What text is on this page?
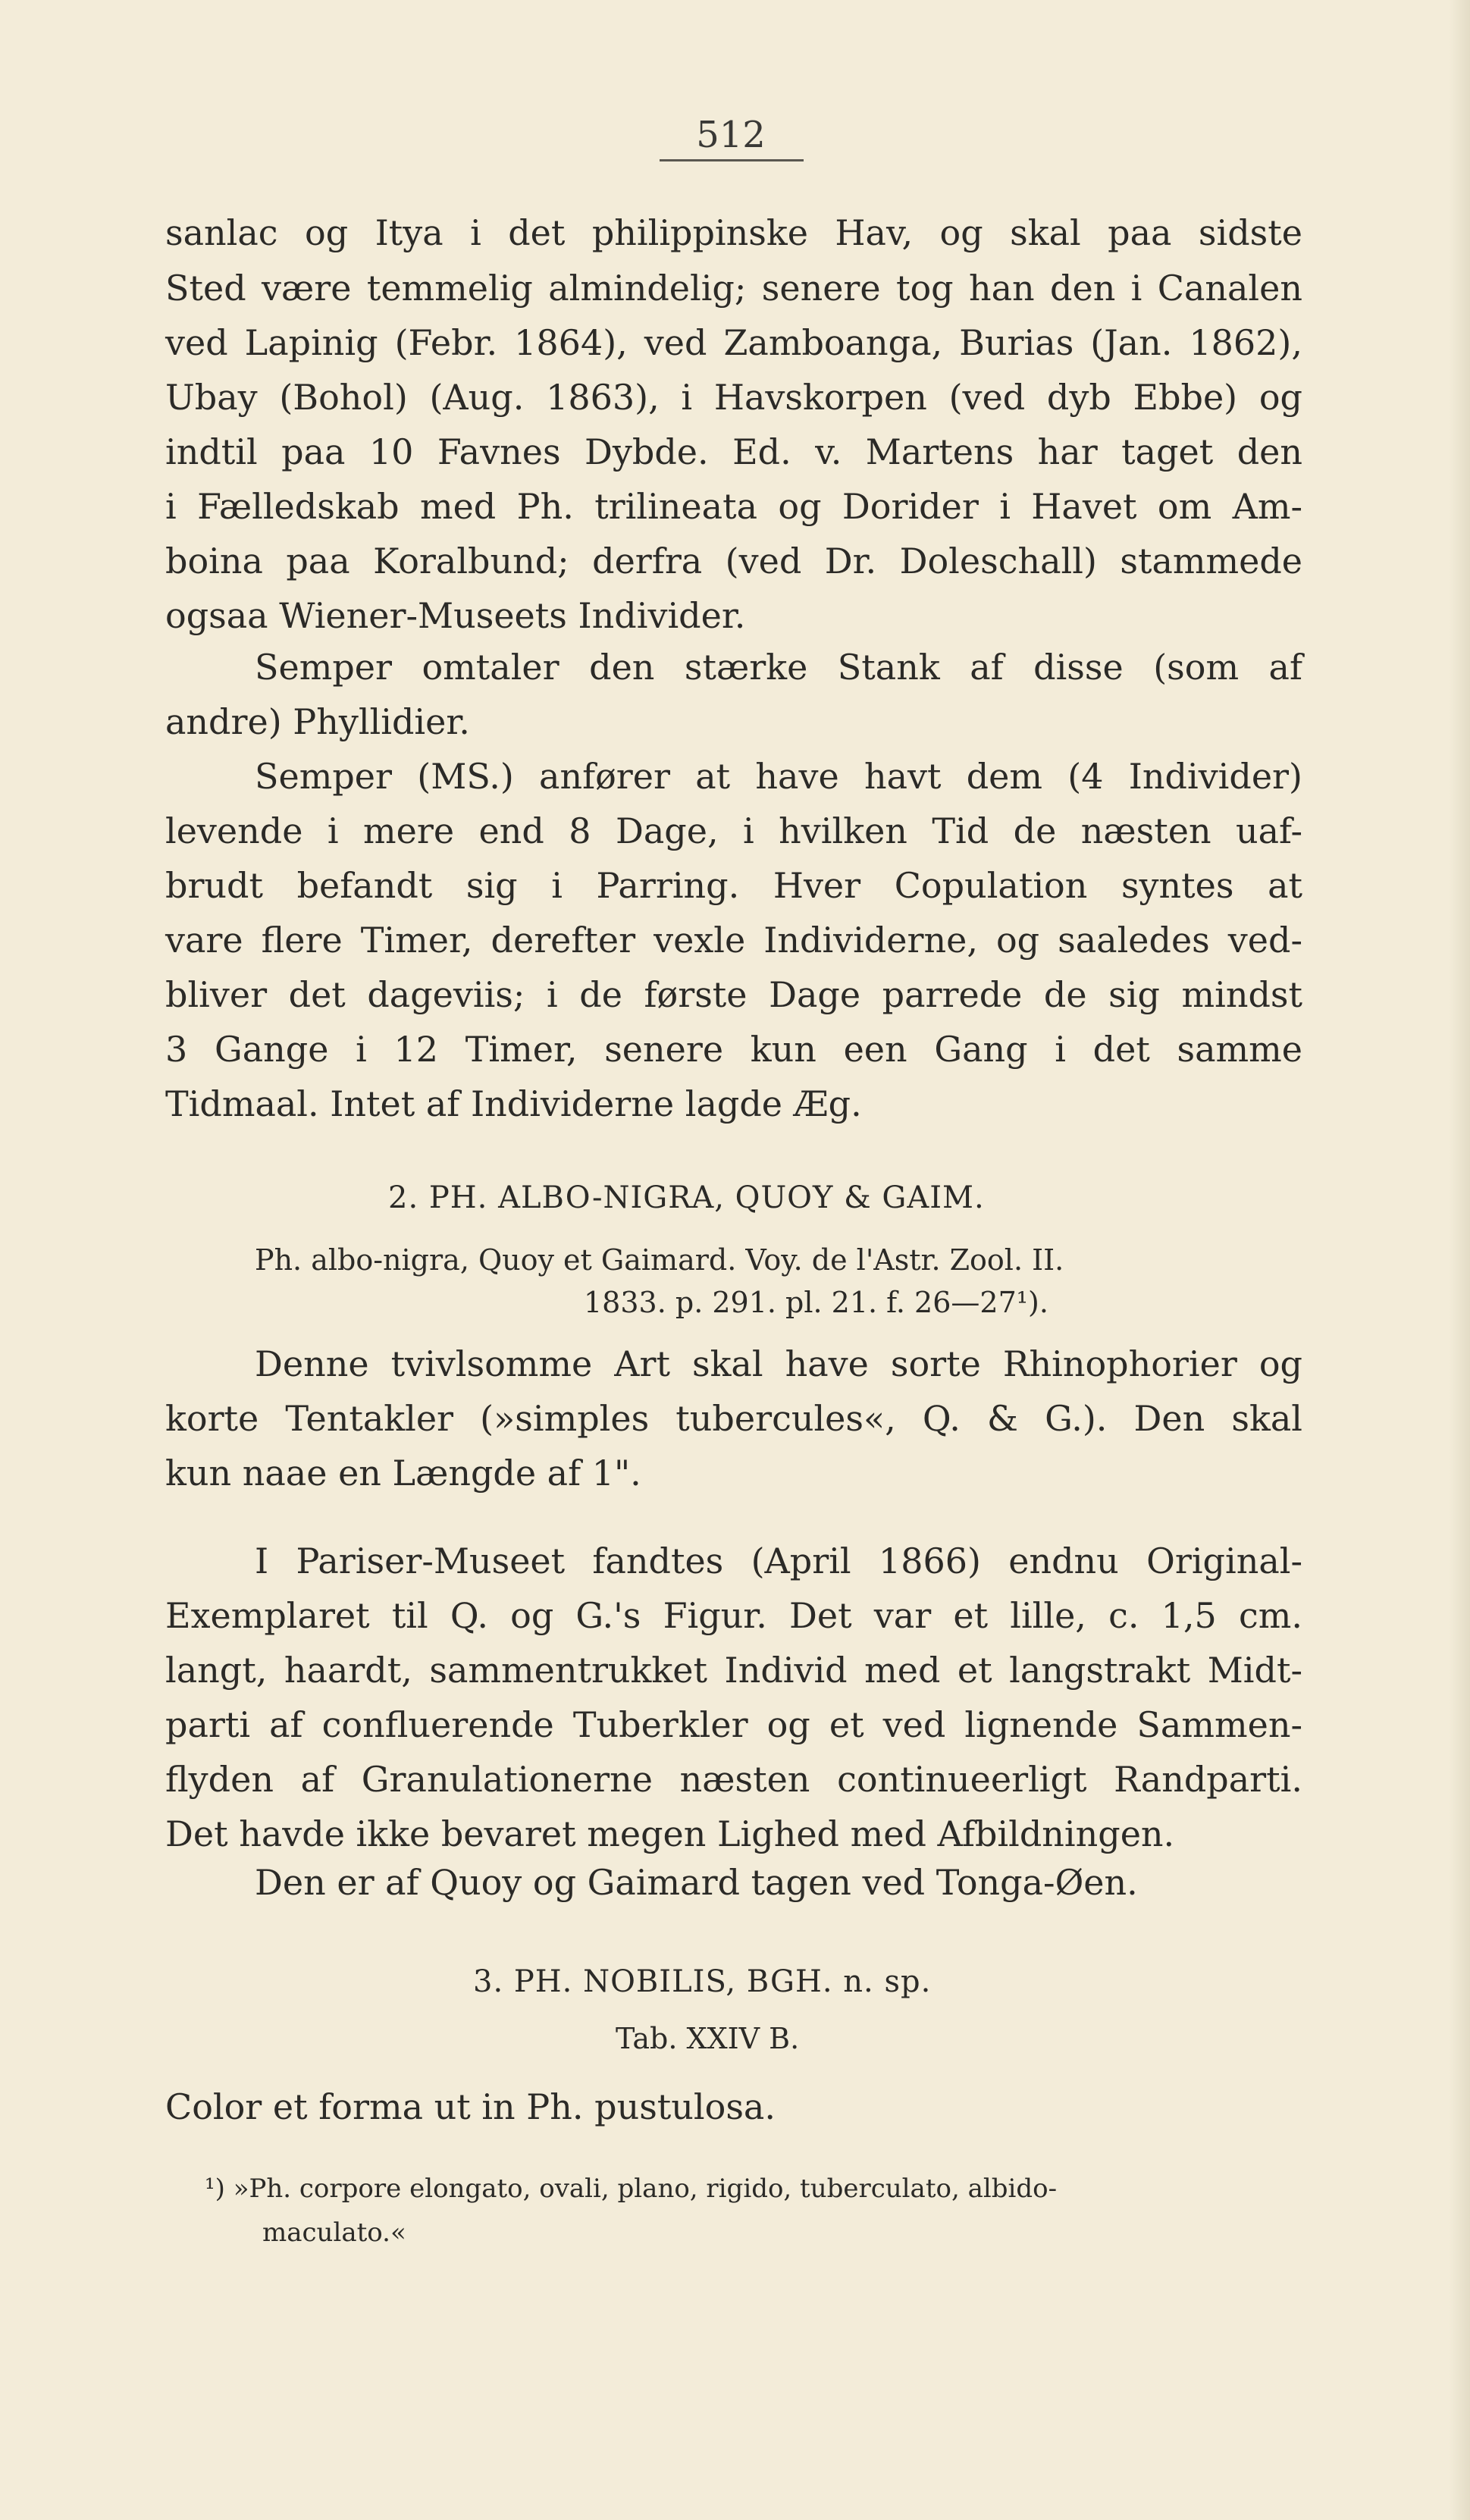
512
sanlac og Itya i det philippinske Hav, og skal paa sidste
Sted være temmelig almindelig; senere tog han den i Canalen
ved Lapinig (Febr. 1864), ved Zamboanga, Burias (Jan. 1862),
Ubay (Bohol) (Aug. 1863), i Havskorpen (ved dyb Ebbe) og
indtil paa 10 Favnes Dybde. Ed. v. Martens har taget den
i Fælledskab med Ph. trilineata og Dorider i Havet om Am-
boina paa Koralbund; derfra (ved Dr. Doleschall) stammede
ogsaa Wiener-Museets Individer.
Semper omtaler den stærke Stank af disse (som af
andre) Phyllidier.
Semper (MS.) anfører at have havt dem (4 Individer)
levende i mere end 8 Dage, i hvilken Tid de næsten uaf-
brudt befandt sig i Parring. Hver Copulation syntes at
vare flere Timer, derefter vexle Individerne, og saaledes ved-
bliver det dageviis; i de første Dage parrede de sig mindst
3 Gange i 12 Timer, senere kun een Gang i det samme
Tidmaal. Intet af Individerne lagde Æg.
2. PH. ALBO-NIGRA, QUOY & GAIM.
Ph. albo-nigra, Quoy et Gaimard. Voy. de l'Astr. Zool. II.
1833. p. 291. pl. 21. f. 26—27¹).
Denne tvivlsomme Art skal have sorte Rhinophorier og
korte Tentakler (»simples tubercules«, Q. & G.). Den skal
kun naae en Længde af 1".
I Pariser-Museet fandtes (April 1866) endnu Original-
Exemplaret til Q. og G.'s Figur. Det var et lille, c. 1,5 cm.
langt, haardt, sammentrukket Individ med et langstrakt Midt-
parti af confluerende Tuberkler og et ved lignende Sammen-
flyden af Granulationerne næsten continueerligt Randparti.
Det havde ikke bevaret megen Lighed med Afbildningen.
Den er af Quoy og Gaimard tagen ved Tonga-Øen.
3. PH. NOBILIS, BGH. n. sp.
Tab. XXIV B.
Color et forma ut in Ph. pustulosa.
¹) »Ph. corpore elongato, ovali, plano, rigido, tuberculato, albido-
maculato.«
